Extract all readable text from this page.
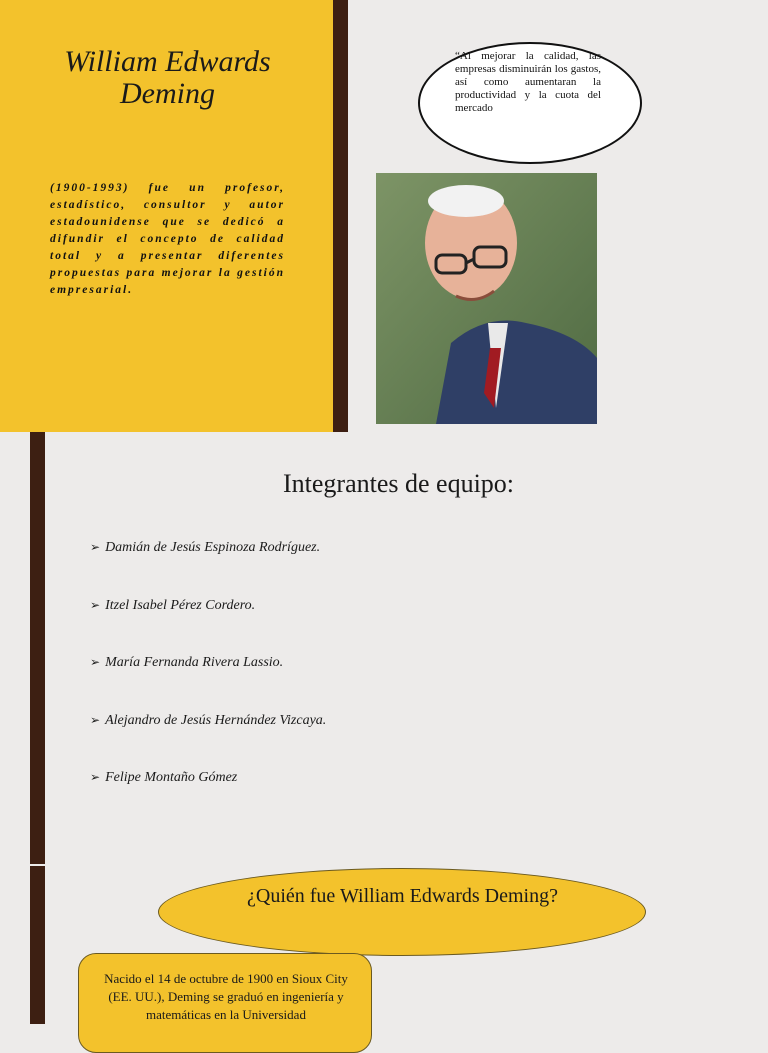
William Edwards Deming
(1900-1993) fue un profesor, estadístico, consultor y autor estadounidense que se dedicó a difundir el concepto de calidad total y a presentar diferentes propuestas para mejorar la gestión empresarial.
“Al mejorar la calidad, las empresas disminuirán los gastos, así como aumentaran la productividad y la cuota del mercado
Integrantes de equipo:
➢ Damián de Jesús Espinoza Rodríguez.
➢ Itzel Isabel Pérez Cordero.
➢ María Fernanda Rivera Lassio.
➢ Alejandro de Jesús Hernández Vizcaya.
➢ Felipe Montaño Gómez
¿Quién fue William Edwards Deming?
Nacido el 14 de octubre de 1900 en Sioux City (EE. UU.), Deming se graduó en ingeniería y matemáticas en la Universidad
